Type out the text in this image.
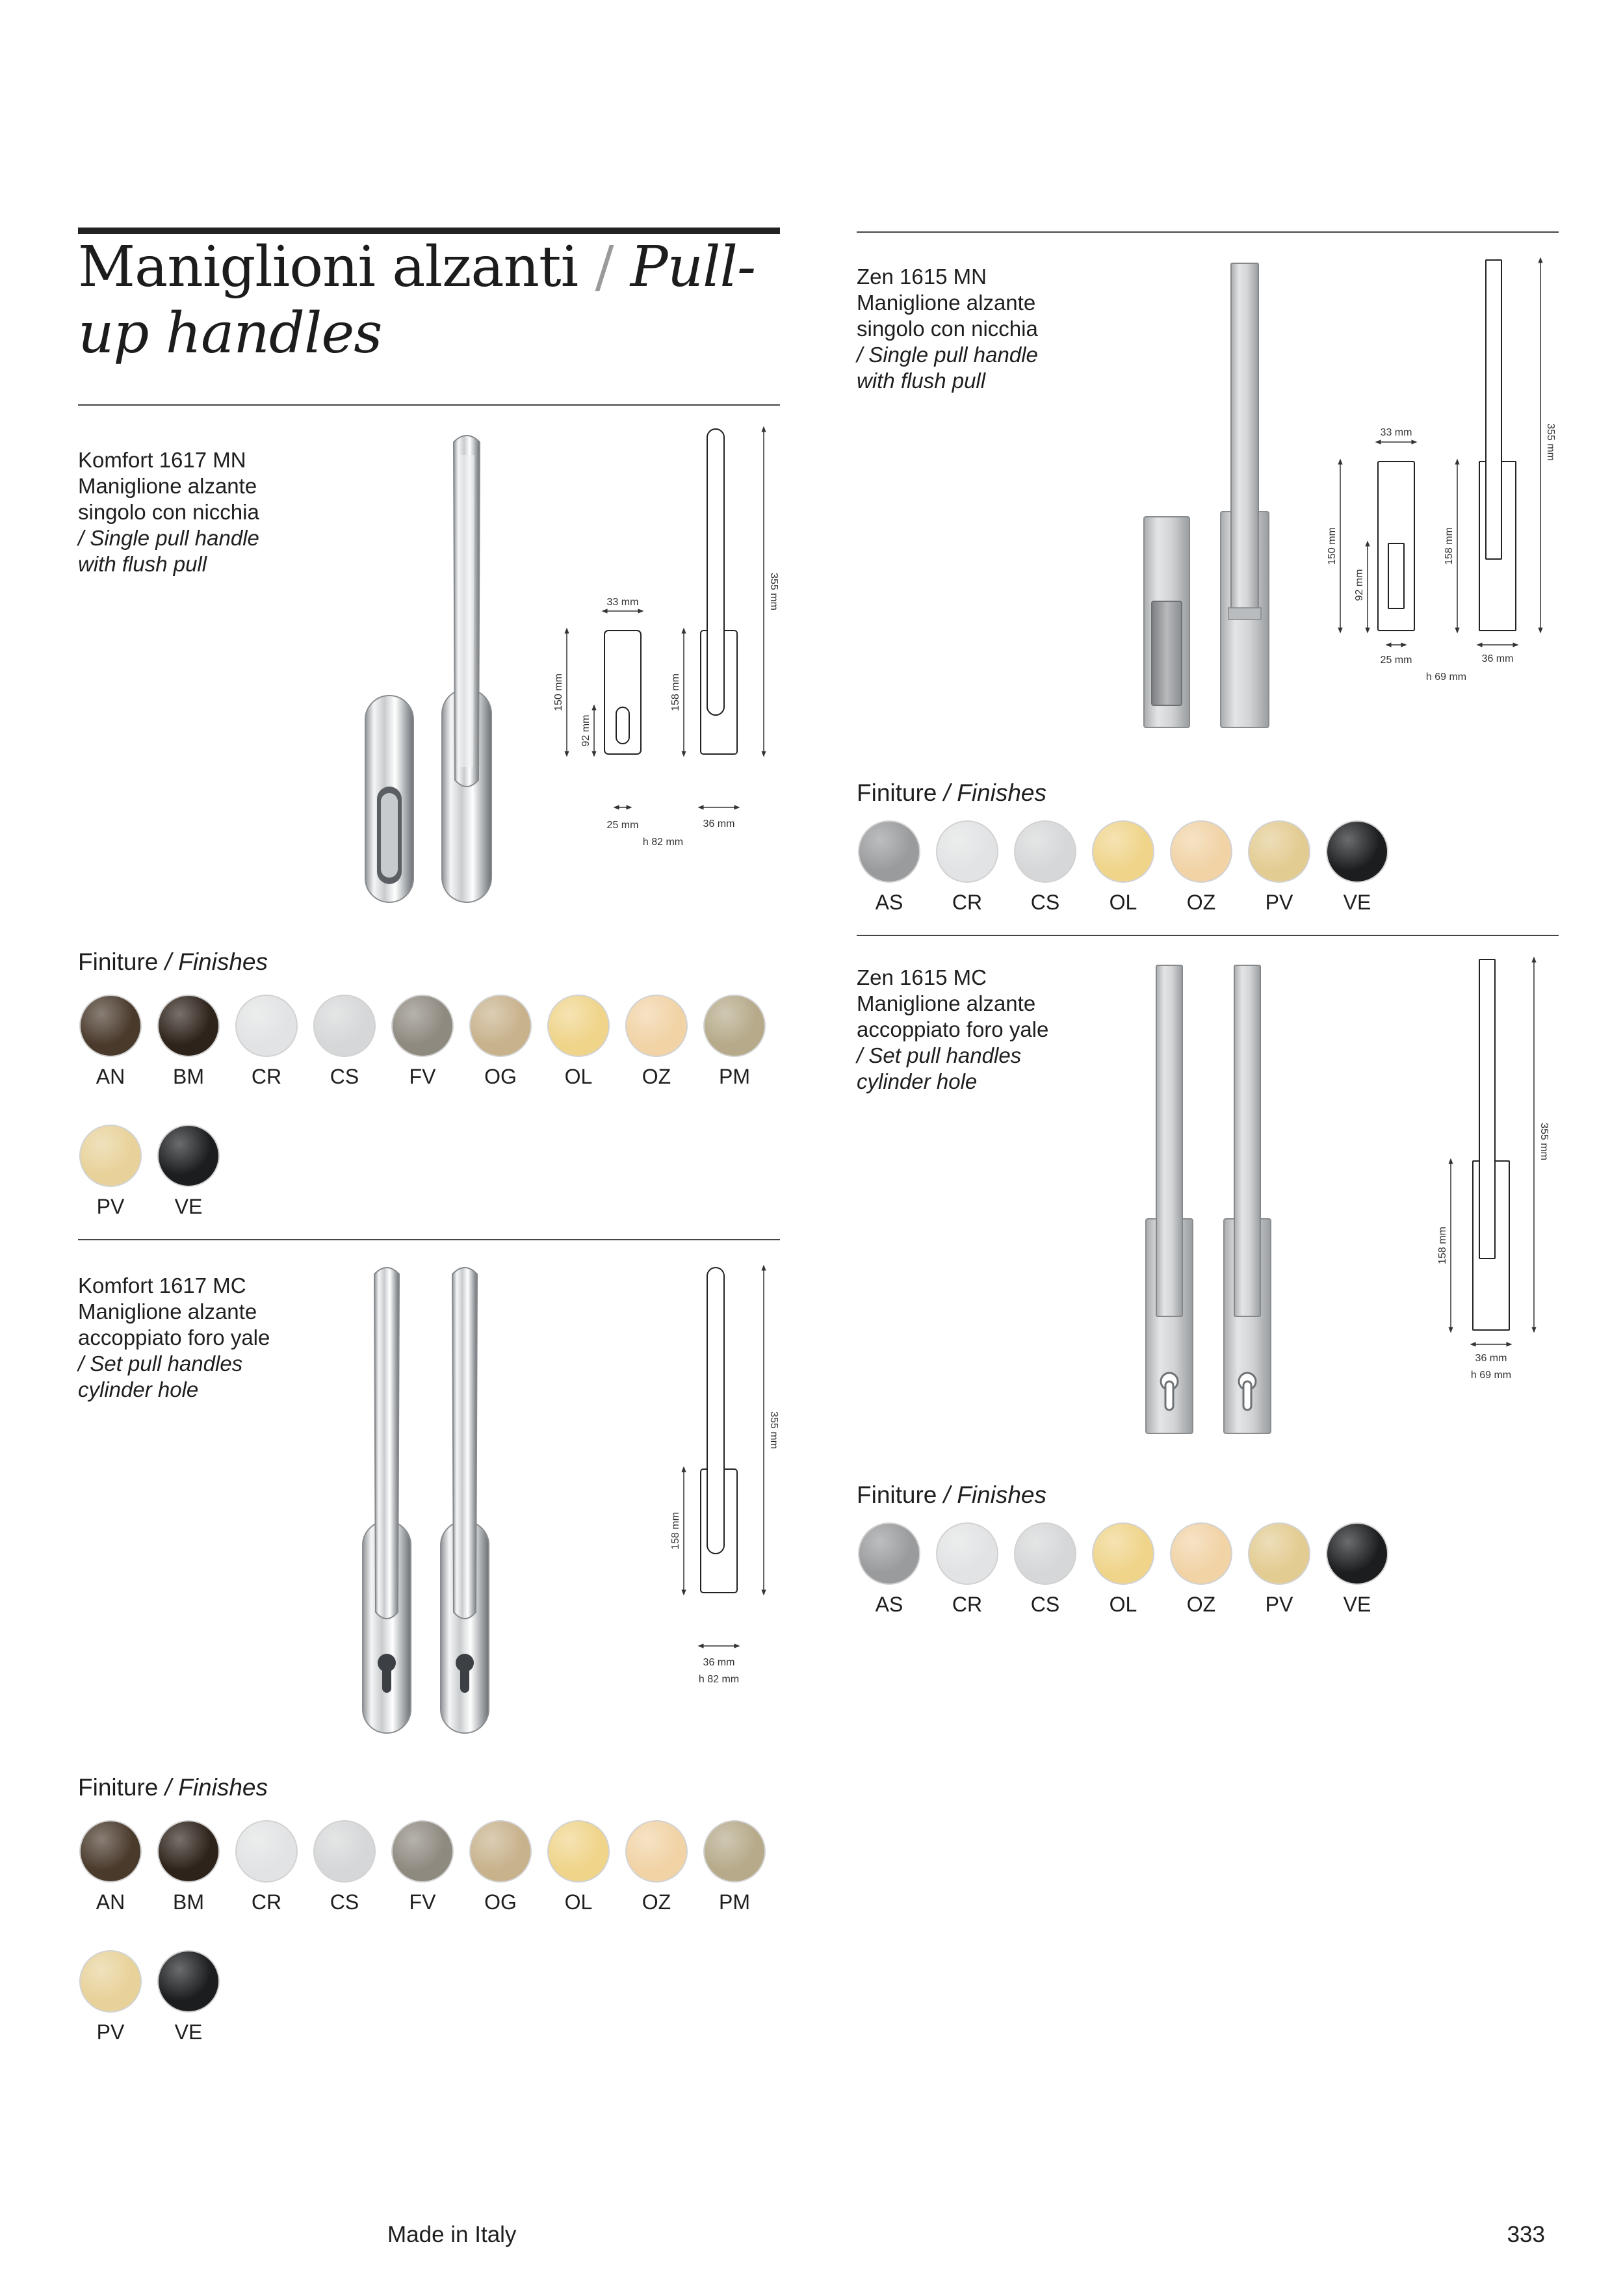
Maniglioni alzanti / Pull-up handles
Komfort 1617 MN
Maniglione alzante
singolo con nicchia
/ Single pull handle
with flush pull
33 mm
150 mm
92 mm
25 mm
355 mm
158 mm
36 mm
h 82 mm
Finiture / Finishes
AN	BM	CR	CS	FV	OG	OL	OZ	PM
PV	VE
Komfort 1617 MC
Maniglione alzante
accoppiato foro yale
/ Set pull handles
cylinder hole
355 mm
158 mm
36 mm
h 82 mm
Finiture / Finishes
AN	BM	CR	CS	FV	OG	OL	OZ	PM
PV	VE
Zen 1615 MN
Maniglione alzante
singolo con nicchia
/ Single pull handle
with flush pull
33 mm
150 mm
92 mm
25 mm
h 69 mm
355 mm
158 mm
36 mm
Finiture / Finishes
AS	CR	CS	OL	OZ	PV	VE
Zen 1615 MC
Maniglione alzante
accoppiato foro yale
/ Set pull handles
cylinder hole
355 mm
158 mm
36 mm
h 69 mm
Finiture / Finishes
AS	CR	CS	OL	OZ	PV	VE
Made in Italy	333
